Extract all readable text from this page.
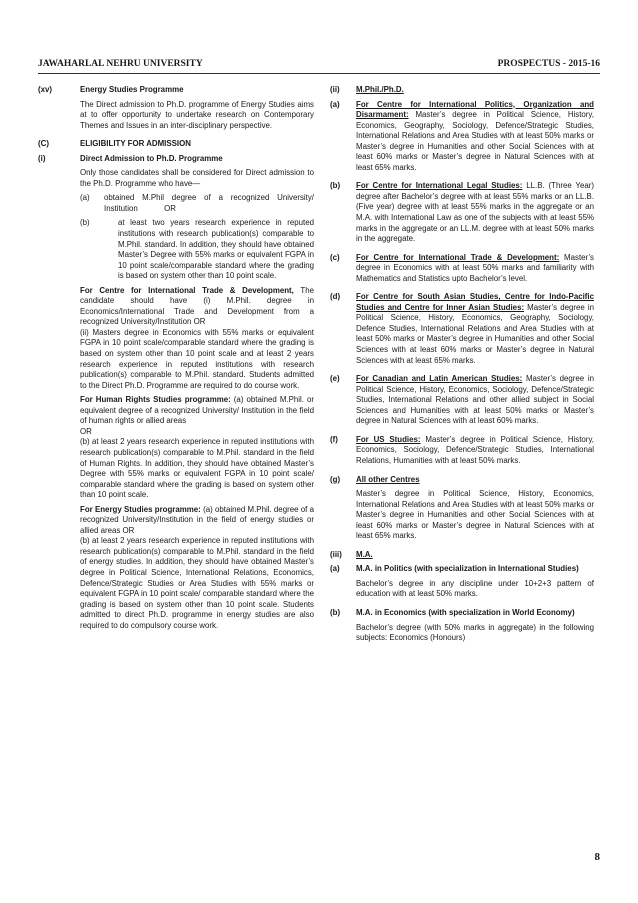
JAWAHARLAL NEHRU UNIVERSITY	PROSPECTUS - 2015-16
(xv)	Energy Studies Programme

The Direct admission to Ph.D. programme of Energy Studies aims at to offer opportunity to undertake research on Contemporary Themes and Issues in an inter-disciplinary perspective.

(C)	ELIGIBILITY FOR ADMISSION
(i)	Direct Admission to Ph.D. Programme

Only those candidates shall be considered for Direct admission to the Ph.D. Programme who have—

(a)	obtained M.Phil degree of a recognized University/ Institution            OR
(b)	at least two years research experience in reputed institutions with research publication(s) comparable to M.Phil. standard. In addition, they should have obtained Master’s Degree with 55% marks or equivalent FGPA in 10 point scale/comparable standard where the grading is based on system other than 10 point scale.

For Centre for International Trade & Development, The candidate should have (i) M.Phil. degree in Economics/International Trade and Development from a recognized University/Institution OR

(ii) Masters degree in Economics with 55% marks or equivalent FGPA in 10 point scale/comparable standard where the grading is based on system other than 10 point scale and at least 2 years research experience in reputed institutions with research publication(s) comparable to M.Phil. standard. Students admitted to the Direct Ph.D. Programme are required to do course work.

For Human Rights Studies programme: (a) obtained M.Phil. or equivalent degree of a recognized University/ Institution in the field of human rights or allied areas

OR

(b) at least 2 years research experience in reputed institutions with research publication(s) comparable to M.Phil. standard in the field of Human Rights. In addition, they should have obtained Master’s Degree with 55% marks or equivalent FGPA in 10 point scale/ comparable standard where the grading is based on system other than 10 point scale.

For Energy Studies programme: (a) obtained M.Phil. degree of a recognized University/Institution in the field of energy studies or allied areas OR

(b) at least 2 years research experience in reputed institutions with research publication(s) comparable to M.Phil. standard in the field of energy studies. In addition, they should have obtained Master’s degree in Political Science, International Relations, Economics, Defence/Strategic Studies or Area Studies with 55% marks or equivalent FGPA in 10 point scale/ comparable standard where the grading is based on system other than 10 point scale. Students admitted to direct Ph.D. programme in energy studies are also required to do compulsory course work.

(ii)	M.Phil./Ph.D.
(a)	For Centre for International Politics, Organization and Disarmament: Master’s degree in Political Science, History, Economics, Geography, Sociology, Defence/Strategic Studies, International Relations and Area Studies with at least 50% marks or Master’s degree in Humanities and other Social Sciences with at least 60% marks or Master’s degree in Natural Sciences with at least 65% marks.

(b)	For Centre for International Legal Studies: LL.B. (Three Year) degree after Bachelor’s degree with at least 55% marks or an LL.B. (Five year) degree with at least 55% marks in the aggregate or an M.A. with International Law as one of the subjects with at least 55% marks in the aggregate or an LL.M. degree with at least 50% marks in the aggregate.

(c)	For Centre for International Trade & Development: Master’s degree in Economics with at least 50% marks and familiarity with Mathematics and Statistics upto Bachelor’s level.

(d)	For Centre for South Asian Studies, Centre for Indo-Pacific Studies and Centre for Inner Asian Studies: Master’s degree in Political Science, History, Economics, Geography, Sociology, Defence Studies, International Relations and Area Studies with at least 50% marks or Master’s degree in Humanities and other Social Sciences with at least 60% marks or Master’s degree in Natural Sciences with at least 65% marks.

(e)	For Canadian and Latin American Studies: Master’s degree in Political Science, History, Economics, Sociology, Defence/Strategic Studies, International Relations and other allied subject in Social Sciences and Humanities with at least 50% marks or Master’s degree in Natural Sciences with at least 60% marks.

(f)	For US Studies: Master’s degree in Political Science, History, Economics, Sociology, Defence/Strategic Studies, International Relations, Humanities with at least 50% marks.

(g)	All other Centres

Master’s degree in Political Science, History, Economics, International Relations and Area Studies with at least 50% marks or Master’s degree in Humanities and other Social Sciences with at least 60% marks or Master’s degree in Natural Sciences with at least 65% marks.

(iii)	M.A.
(a)	M.A. in Politics (with specialization in International Studies)

Bachelor’s degree in any discipline under 10+2+3 pattern of education with at least 50% marks.

(b)	M.A. in Economics (with specialization in World Economy)

Bachelor’s degree (with 50% marks in aggregate) in the following subjects: Economics (Honours)

8
